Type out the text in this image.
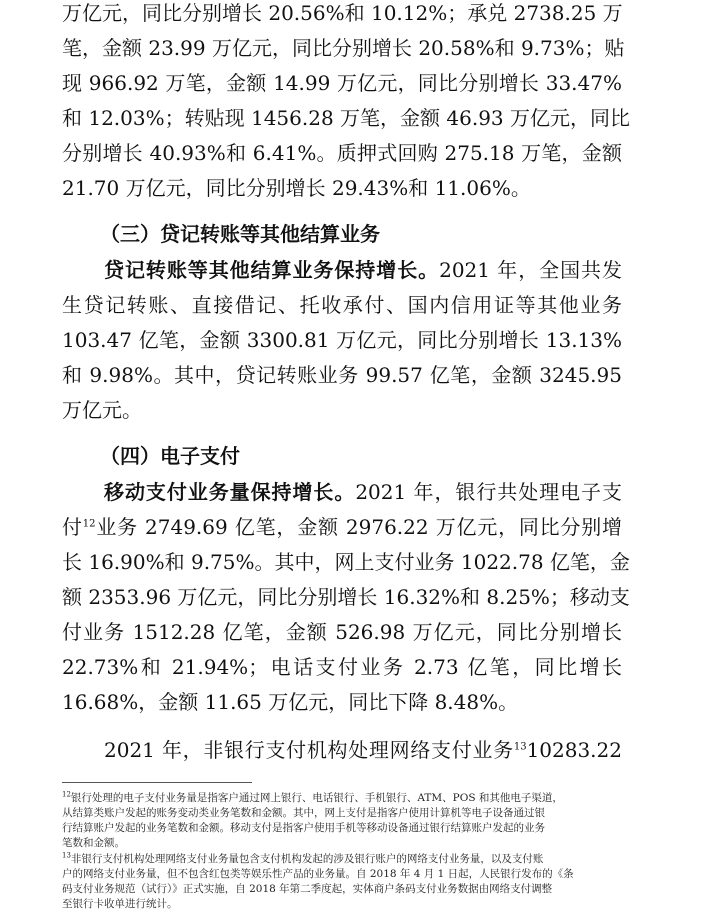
万亿元，同比分别增长 20.56%和 10.12%；承兑 2738.25 万
笔，金额 23.99 万亿元，同比分别增长 20.58%和 9.73%；贴
现 966.92 万笔，金额 14.99 万亿元，同比分别增长 33.47%
和 12.03%；转贴现 1456.28 万笔，金额 46.93 万亿元，同比
分别增长 40.93%和 6.41%。质押式回购 275.18 万笔，金额
21.70 万亿元，同比分别增长 29.43%和 11.06%。
（三）贷记转账等其他结算业务
贷记转账等其他结算业务保持增长。2021 年，全国共发
生贷记转账、直接借记、托收承付、国内信用证等其他业务
103.47 亿笔，金额 3300.81 万亿元，同比分别增长 13.13%
和 9.98%。其中，贷记转账业务 99.57 亿笔，金额 3245.95
万亿元。
（四）电子支付
移动支付业务量保持增长。2021 年，银行共处理电子支
付$^{12}$业务 2749.69 亿笔，金额 2976.22 万亿元，同比分别增
长 16.90%和 9.75%。其中，网上支付业务 1022.78 亿笔，金
额 2353.96 万亿元，同比分别增长 16.32%和 8.25%；移动支
付业务 1512.28 亿笔，金额 526.98 万亿元，同比分别增长
22.73%和 21.94%；电话支付业务 2.73 亿笔，同比增长
16.68%，金额 11.65 万亿元，同比下降 8.48%。
2021 年，非银行支付机构处理网络支付业务$^{13}$10283.22
$^{12}$银行处理的电子支付业务量是指客户通过网上银行、电话银行、手机银行、ATM、POS 和其他电子渠道，
从结算类账户发起的账务变动类业务笔数和金额。其中，网上支付是指客户使用计算机等电子设备通过银
行结算账户发起的业务笔数和金额。移动支付是指客户使用手机等移动设备通过银行结算账户发起的业务
笔数和金额。
$^{13}$非银行支付机构处理网络支付业务量包含支付机构发起的涉及银行账户的网络支付业务量，以及支付账
户的网络支付业务量，但不包含红包类等娱乐性产品的业务量。自 2018 年 4 月 1 日起，人民银行发布的《条
码支付业务规范（试行）》正式实施，自 2018 年第二季度起，实体商户条码支付业务数据由网络支付调整
至银行卡收单进行统计。
